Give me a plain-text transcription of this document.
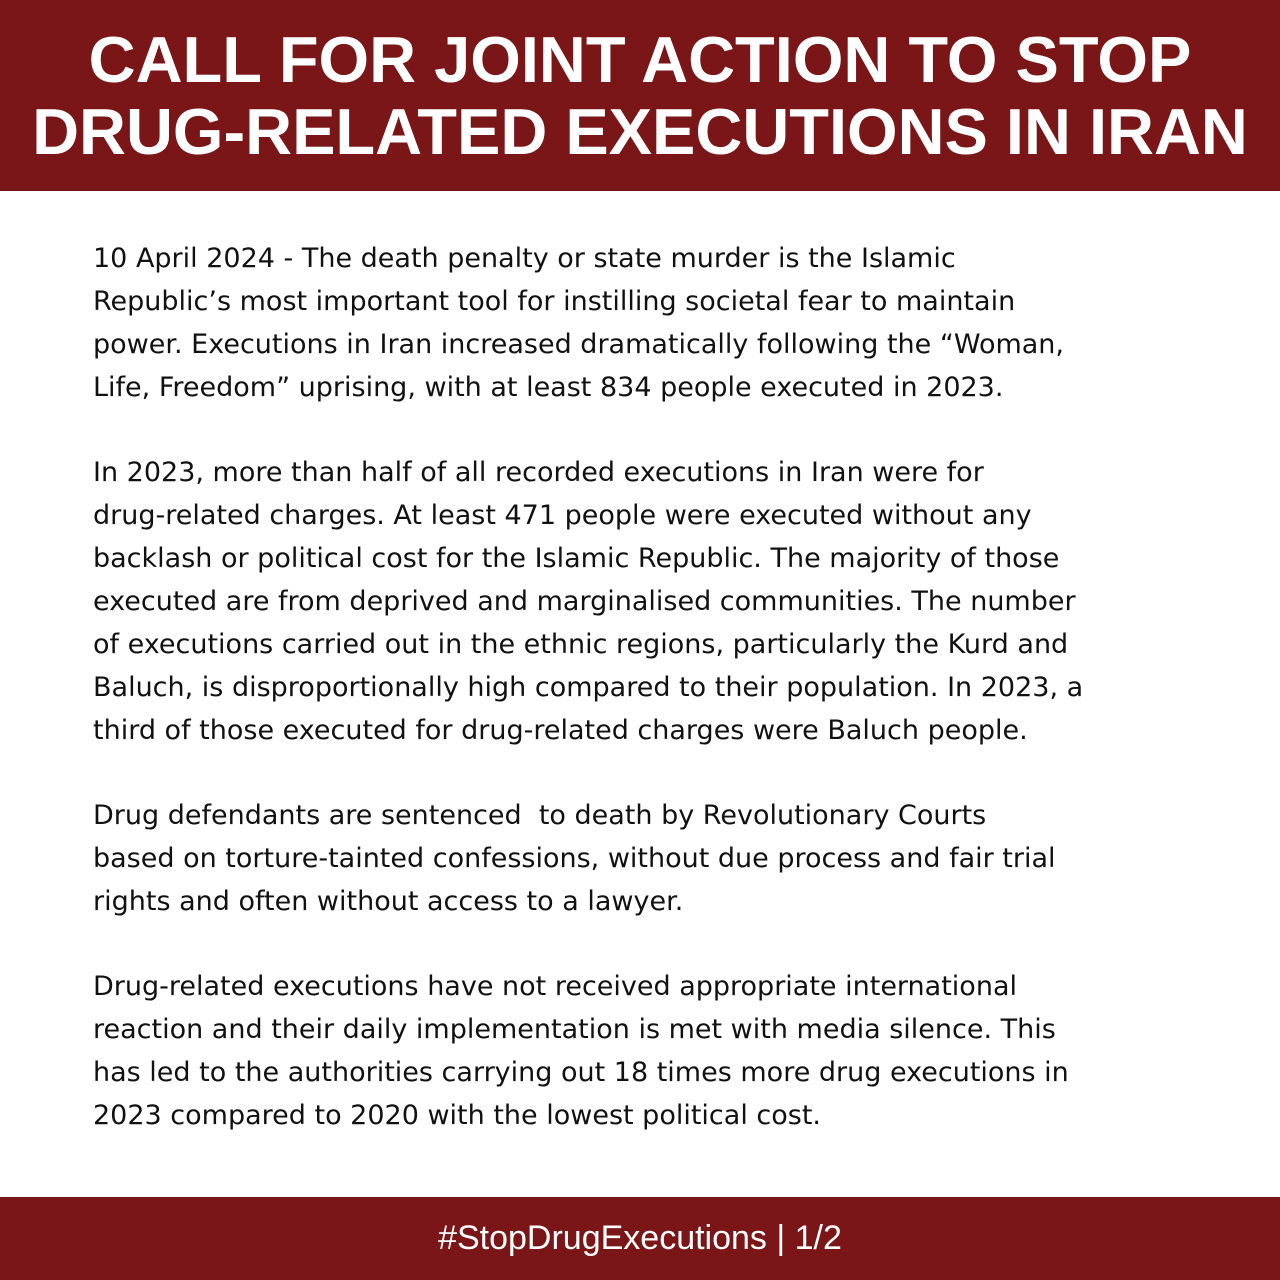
CALL FOR JOINT ACTION TO STOP
DRUG-RELATED EXECUTIONS IN IRAN

10 April 2024 - The death penalty or state murder is the Islamic
Republic’s most important tool for instilling societal fear to maintain
power. Executions in Iran increased dramatically following the “Woman,
Life, Freedom” uprising, with at least 834 people executed in 2023.

In 2023, more than half of all recorded executions in Iran were for
drug-related charges. At least 471 people were executed without any
backlash or political cost for the Islamic Republic. The majority of those
executed are from deprived and marginalised communities. The number
of executions carried out in the ethnic regions, particularly the Kurd and
Baluch, is disproportionally high compared to their population. In 2023, a
third of those executed for drug-related charges were Baluch people.

Drug defendants are sentenced  to death by Revolutionary Courts
based on torture-tainted confessions, without due process and fair trial
rights and often without access to a lawyer.

Drug-related executions have not received appropriate international
reaction and their daily implementation is met with media silence. This
has led to the authorities carrying out 18 times more drug executions in
2023 compared to 2020 with the lowest political cost.

#StopDrugExecutions | 1/2
